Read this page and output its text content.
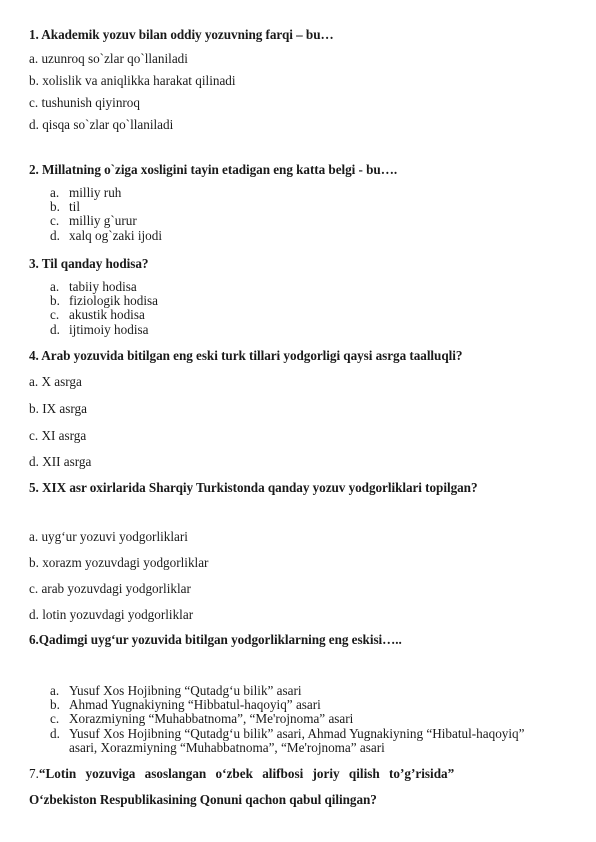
1. Akademik yozuv bilan oddiy yozuvning farqi – bu…
a. uzunroq so`zlar qo`llaniladi
b. xolislik va aniqlikka harakat qilinadi
c. tushunish qiyinroq
d. qisqa so`zlar qo`llaniladi
2. Millatning o`ziga xosligini tayin etadigan eng katta belgi - bu….
a. milliy ruh
b. til
c. milliy g`urur
d. xalq og`zaki ijodi
3. Til qanday hodisa?
a. tabiiy hodisa
b. fiziologik hodisa
c. akustik hodisa
d. ijtimoiy hodisa
4. Arab yozuvida bitilgan eng eski turk tillari yodgorligi qaysi asrga taalluqli?
a. X asrga
b. IX asrga
c. XI asrga
d. XII asrga
5. XIX asr oxirlarida Sharqiy Turkistonda qanday yozuv yodgorliklari topilgan?
a. uyg‘ur yozuvi yodgorliklari
b. xorazm yozuvdagi yodgorliklar
c. arab yozuvdagi yodgorliklar
d. lotin yozuvdagi yodgorliklar
6.Qadimgi uyg‘ur yozuvida bitilgan yodgorliklarning eng eskisi…..
a. Yusuf Xos Hojibning “Qutadg‘u bilik” asari
b. Ahmad Yugnakiyning “Hibbatul-haqoyiq” asari
c. Xorazmiyning “Muhabbatnoma”, “Me'rojnoma” asari
d. Yusuf Xos Hojibning “Qutadg‘u bilik” asari, Ahmad Yugnakiyning “Hibatul-haqoyiq” asari, Xorazmiyning “Muhabbatnoma”, “Me'rojnoma” asari
7.“Lotin yozuviga asoslangan o‘zbek alifbosi joriy qilish to’g’risida”
O‘zbekiston Respublikasining Qonuni qachon qabul qilingan?
